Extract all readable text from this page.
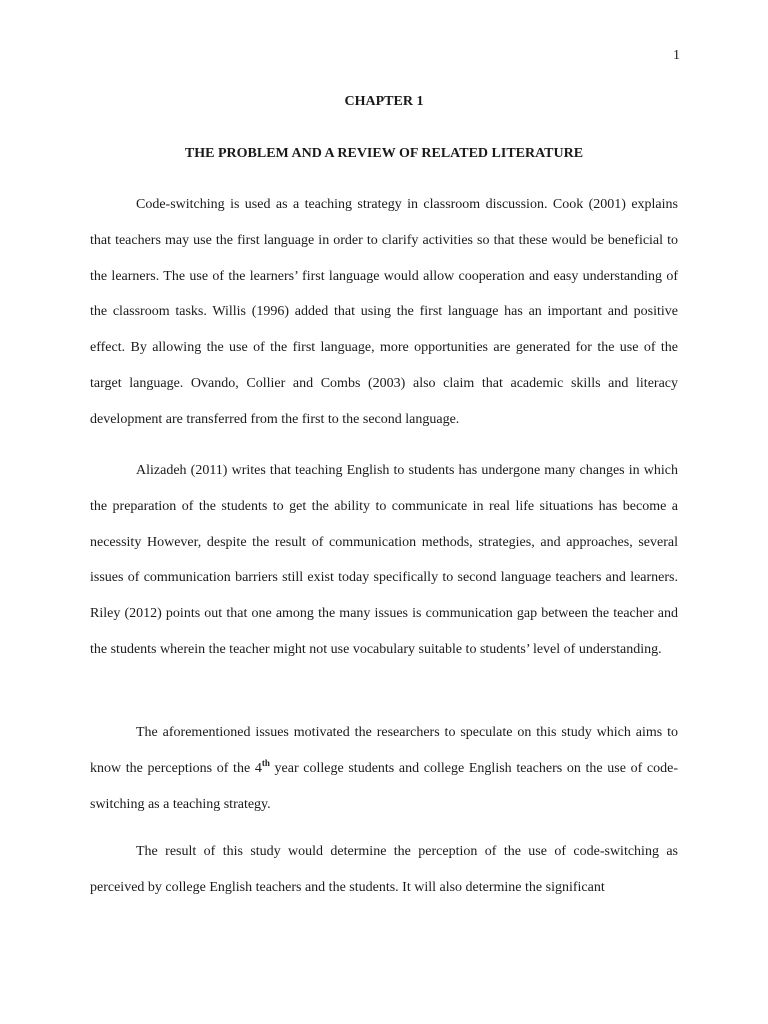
1
CHAPTER 1
THE PROBLEM AND A REVIEW OF RELATED LITERATURE

Code-switching is used as a teaching strategy in classroom discussion. Cook (2001) explains that teachers may use the first language in order to clarify activities so that these would be beneficial to the learners. The use of the learners’ first language would allow cooperation and easy understanding of the classroom tasks. Willis (1996) added that using the first language has an important and positive effect. By allowing the use of the first language, more opportunities are generated for the use of the target language. Ovando, Collier and Combs (2003) also claim that academic skills and literacy development are transferred from the first to the second language.

Alizadeh (2011) writes that teaching English to students has undergone many changes in which the preparation of the students to get the ability to communicate in real life situations has become a necessity However, despite the result of communication methods, strategies, and approaches, several issues of communication barriers still exist today specifically to second language teachers and learners. Riley (2012) points out that one among the many issues is communication gap between the teacher and the students wherein the teacher might not use vocabulary suitable to students’ level of understanding.

The aforementioned issues motivated the researchers to speculate on this study which aims to know the perceptions of the 4th year college students and college English teachers on the use of code-switching as a teaching strategy.

The result of this study would determine the perception of the use of code-switching as perceived by college English teachers and the students. It will also determine the significant
